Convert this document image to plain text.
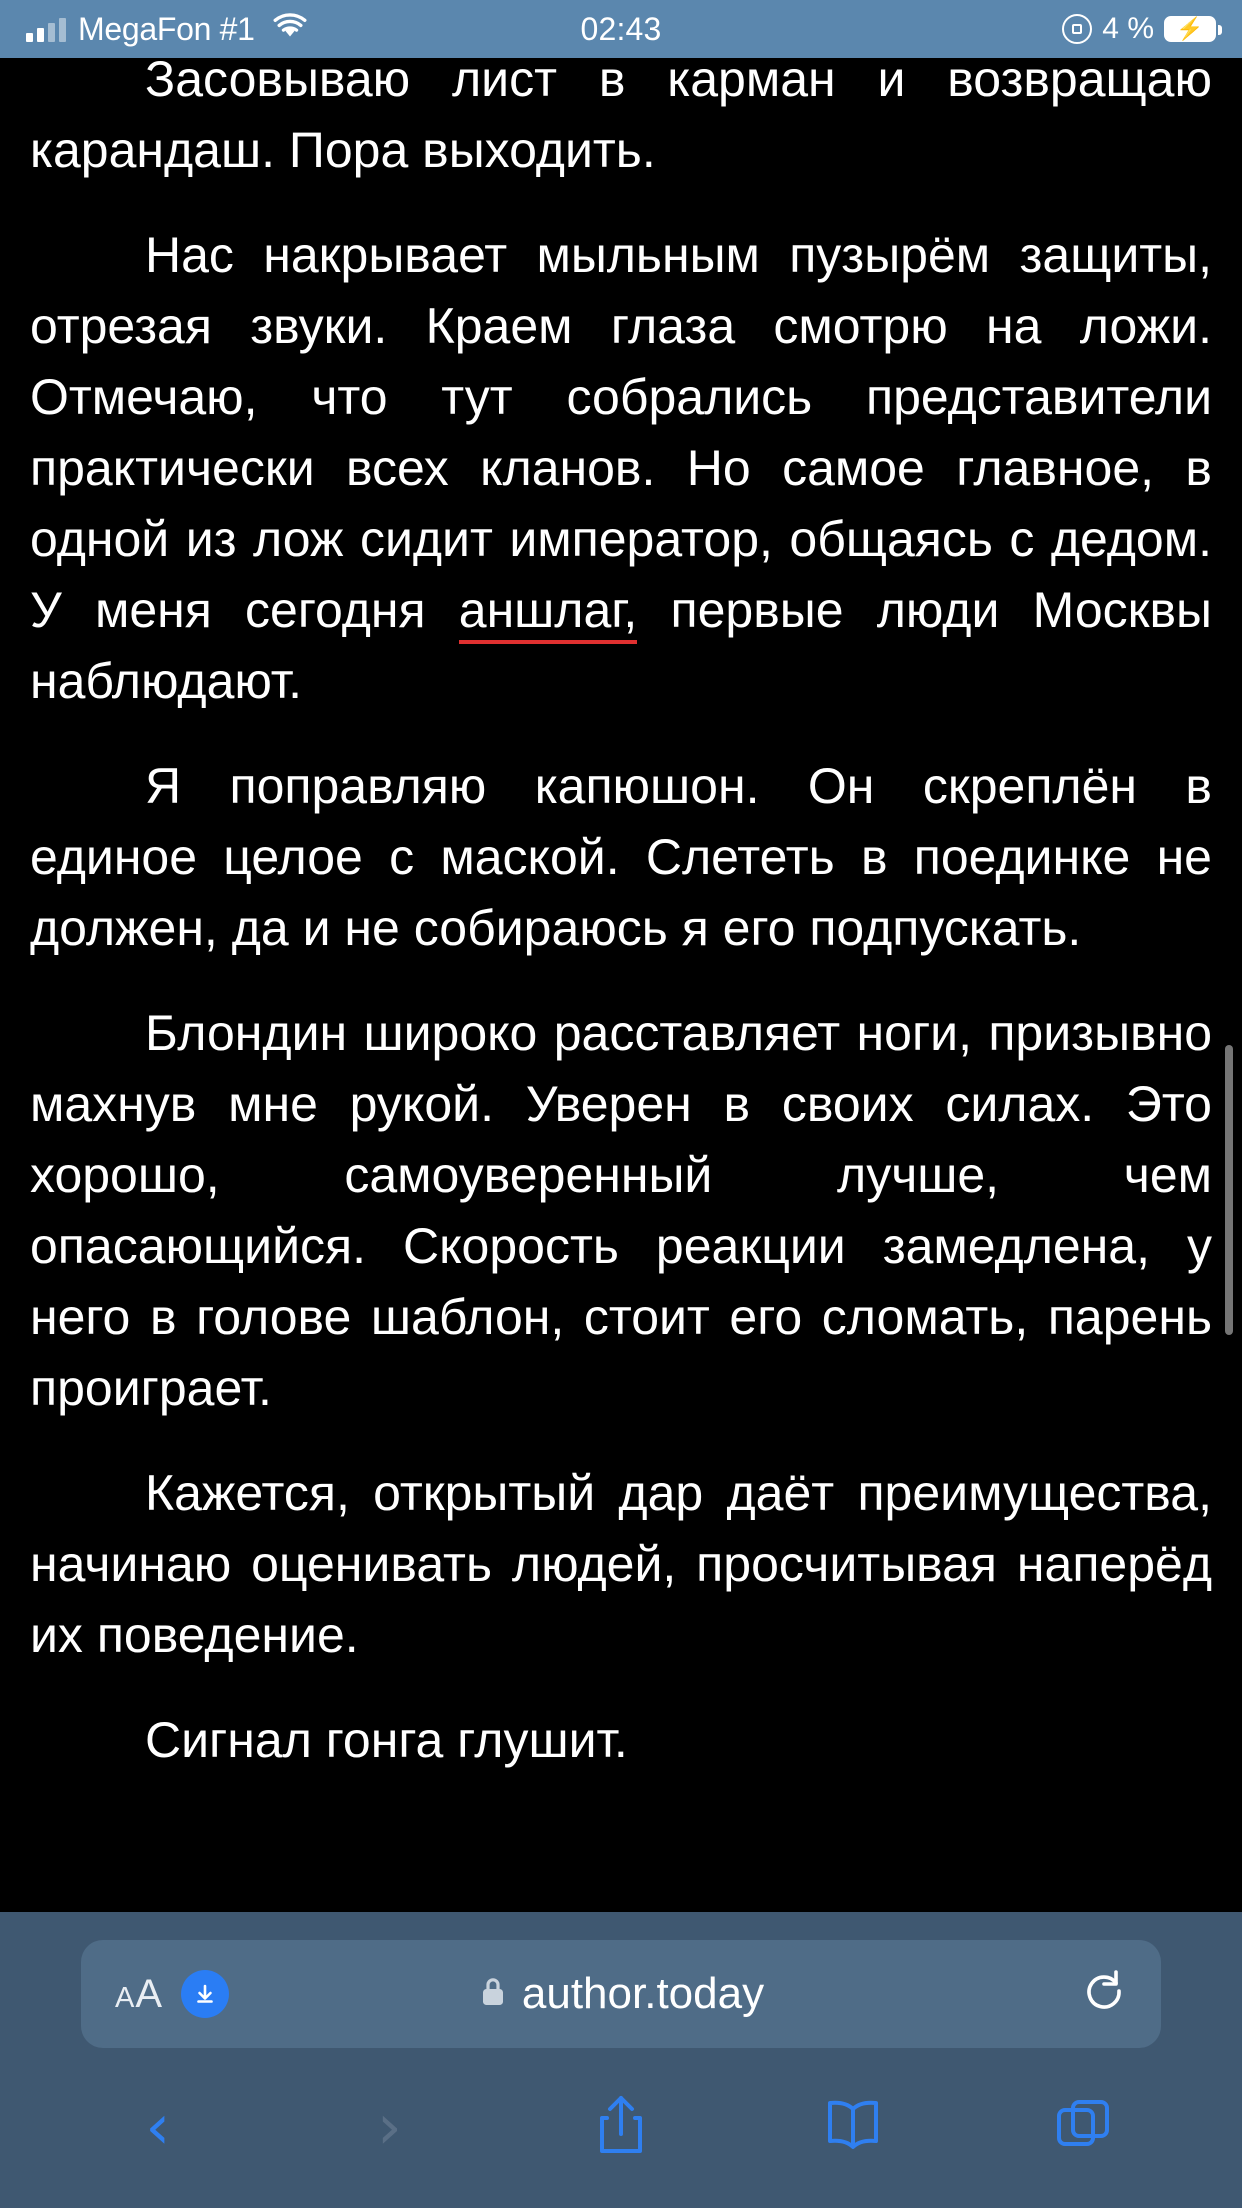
MegaFon #1	02:43	4 % ⚡

Засовываю лист в карман и возвращаю карандаш. Пора выходить.

Нас накрывает мыльным пузырём защиты, отрезая звуки. Краем глаза смотрю на ложи. Отмечаю, что тут собрались представители практически всех кланов. Но самое главное, в одной из лож сидит император, общаясь с дедом. У меня сегодня аншлаг, первые люди Москвы наблюдают.

Я поправляю капюшон. Он скреплён в единое целое с маской. Слететь в поединке не должен, да и не собираюсь я его подпускать.

Блондин широко расставляет ноги, призывно махнув мне рукой. Уверен в своих силах. Это хорошо, самоуверенный лучше, чем опасающийся. Скорость реакции замедлена, у него в голове шаблон, стоит его сломать, парень проиграет.

Кажется, открытый дар даёт преимущества, начинаю оценивать людей, просчитывая наперёд их поведение.

Сигнал гонга глушит.

A A	author.today
‹	›
